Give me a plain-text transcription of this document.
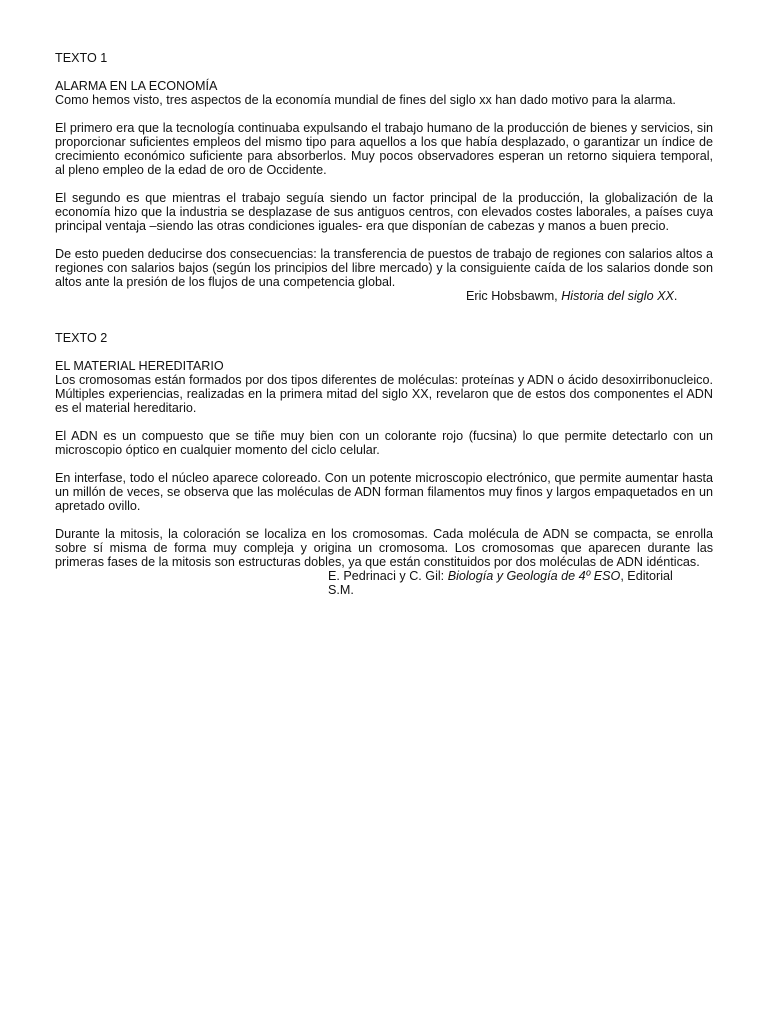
TEXTO 1
ALARMA EN LA ECONOMÍA
Como hemos visto, tres aspectos de la economía mundial de fines del siglo xx han dado motivo para la alarma.

El primero era que la tecnología continuaba expulsando el trabajo humano de la producción de bienes y servicios, sin proporcionar suficientes empleos del mismo tipo para aquellos a los que había desplazado, o garantizar un índice de crecimiento económico suficiente para absorberlos. Muy pocos observadores esperan un retorno siquiera temporal, al pleno empleo de la edad de oro de Occidente.

El segundo es que mientras el trabajo seguía siendo un factor principal de la producción, la globalización de la economía hizo que la industria se desplazase de sus antiguos centros, con elevados costes laborales, a países cuya principal ventaja –siendo las otras condiciones iguales- era que disponían de cabezas y manos a buen precio.

De esto pueden deducirse dos consecuencias: la transferencia de puestos de trabajo de regiones con salarios altos a regiones con salarios bajos (según los principios del libre mercado) y la consiguiente caída de los salarios donde son altos ante la presión de los flujos de una competencia global.

Eric Hobsbawm, Historia del siglo XX.
TEXTO 2
EL MATERIAL HEREDITARIO

Los cromosomas están formados por dos tipos diferentes de moléculas: proteínas y ADN o ácido desoxirribonucleico. Múltiples experiencias, realizadas en la primera mitad del siglo XX, revelaron que de estos dos componentes el ADN es el material hereditario.

El ADN es un compuesto que se tiñe muy bien con un colorante rojo (fucsina) lo que permite detectarlo con un microscopio óptico en cualquier momento del ciclo celular.

En interfase, todo el núcleo aparece coloreado. Con un potente microscopio electrónico, que permite aumentar hasta un millón de veces, se observa que las moléculas de ADN forman filamentos muy finos y largos empaquetados en un apretado ovillo.

Durante la mitosis, la coloración se localiza en los cromosomas. Cada molécula de ADN se compacta, se enrolla sobre sí misma de forma muy compleja y origina un cromosoma. Los cromosomas que aparecen durante las primeras fases de la mitosis son estructuras dobles, ya que están constituidos por dos moléculas de ADN idénticas.

E. Pedrinaci y C. Gil: Biología y Geología de 4º ESO, Editorial
S.M.
